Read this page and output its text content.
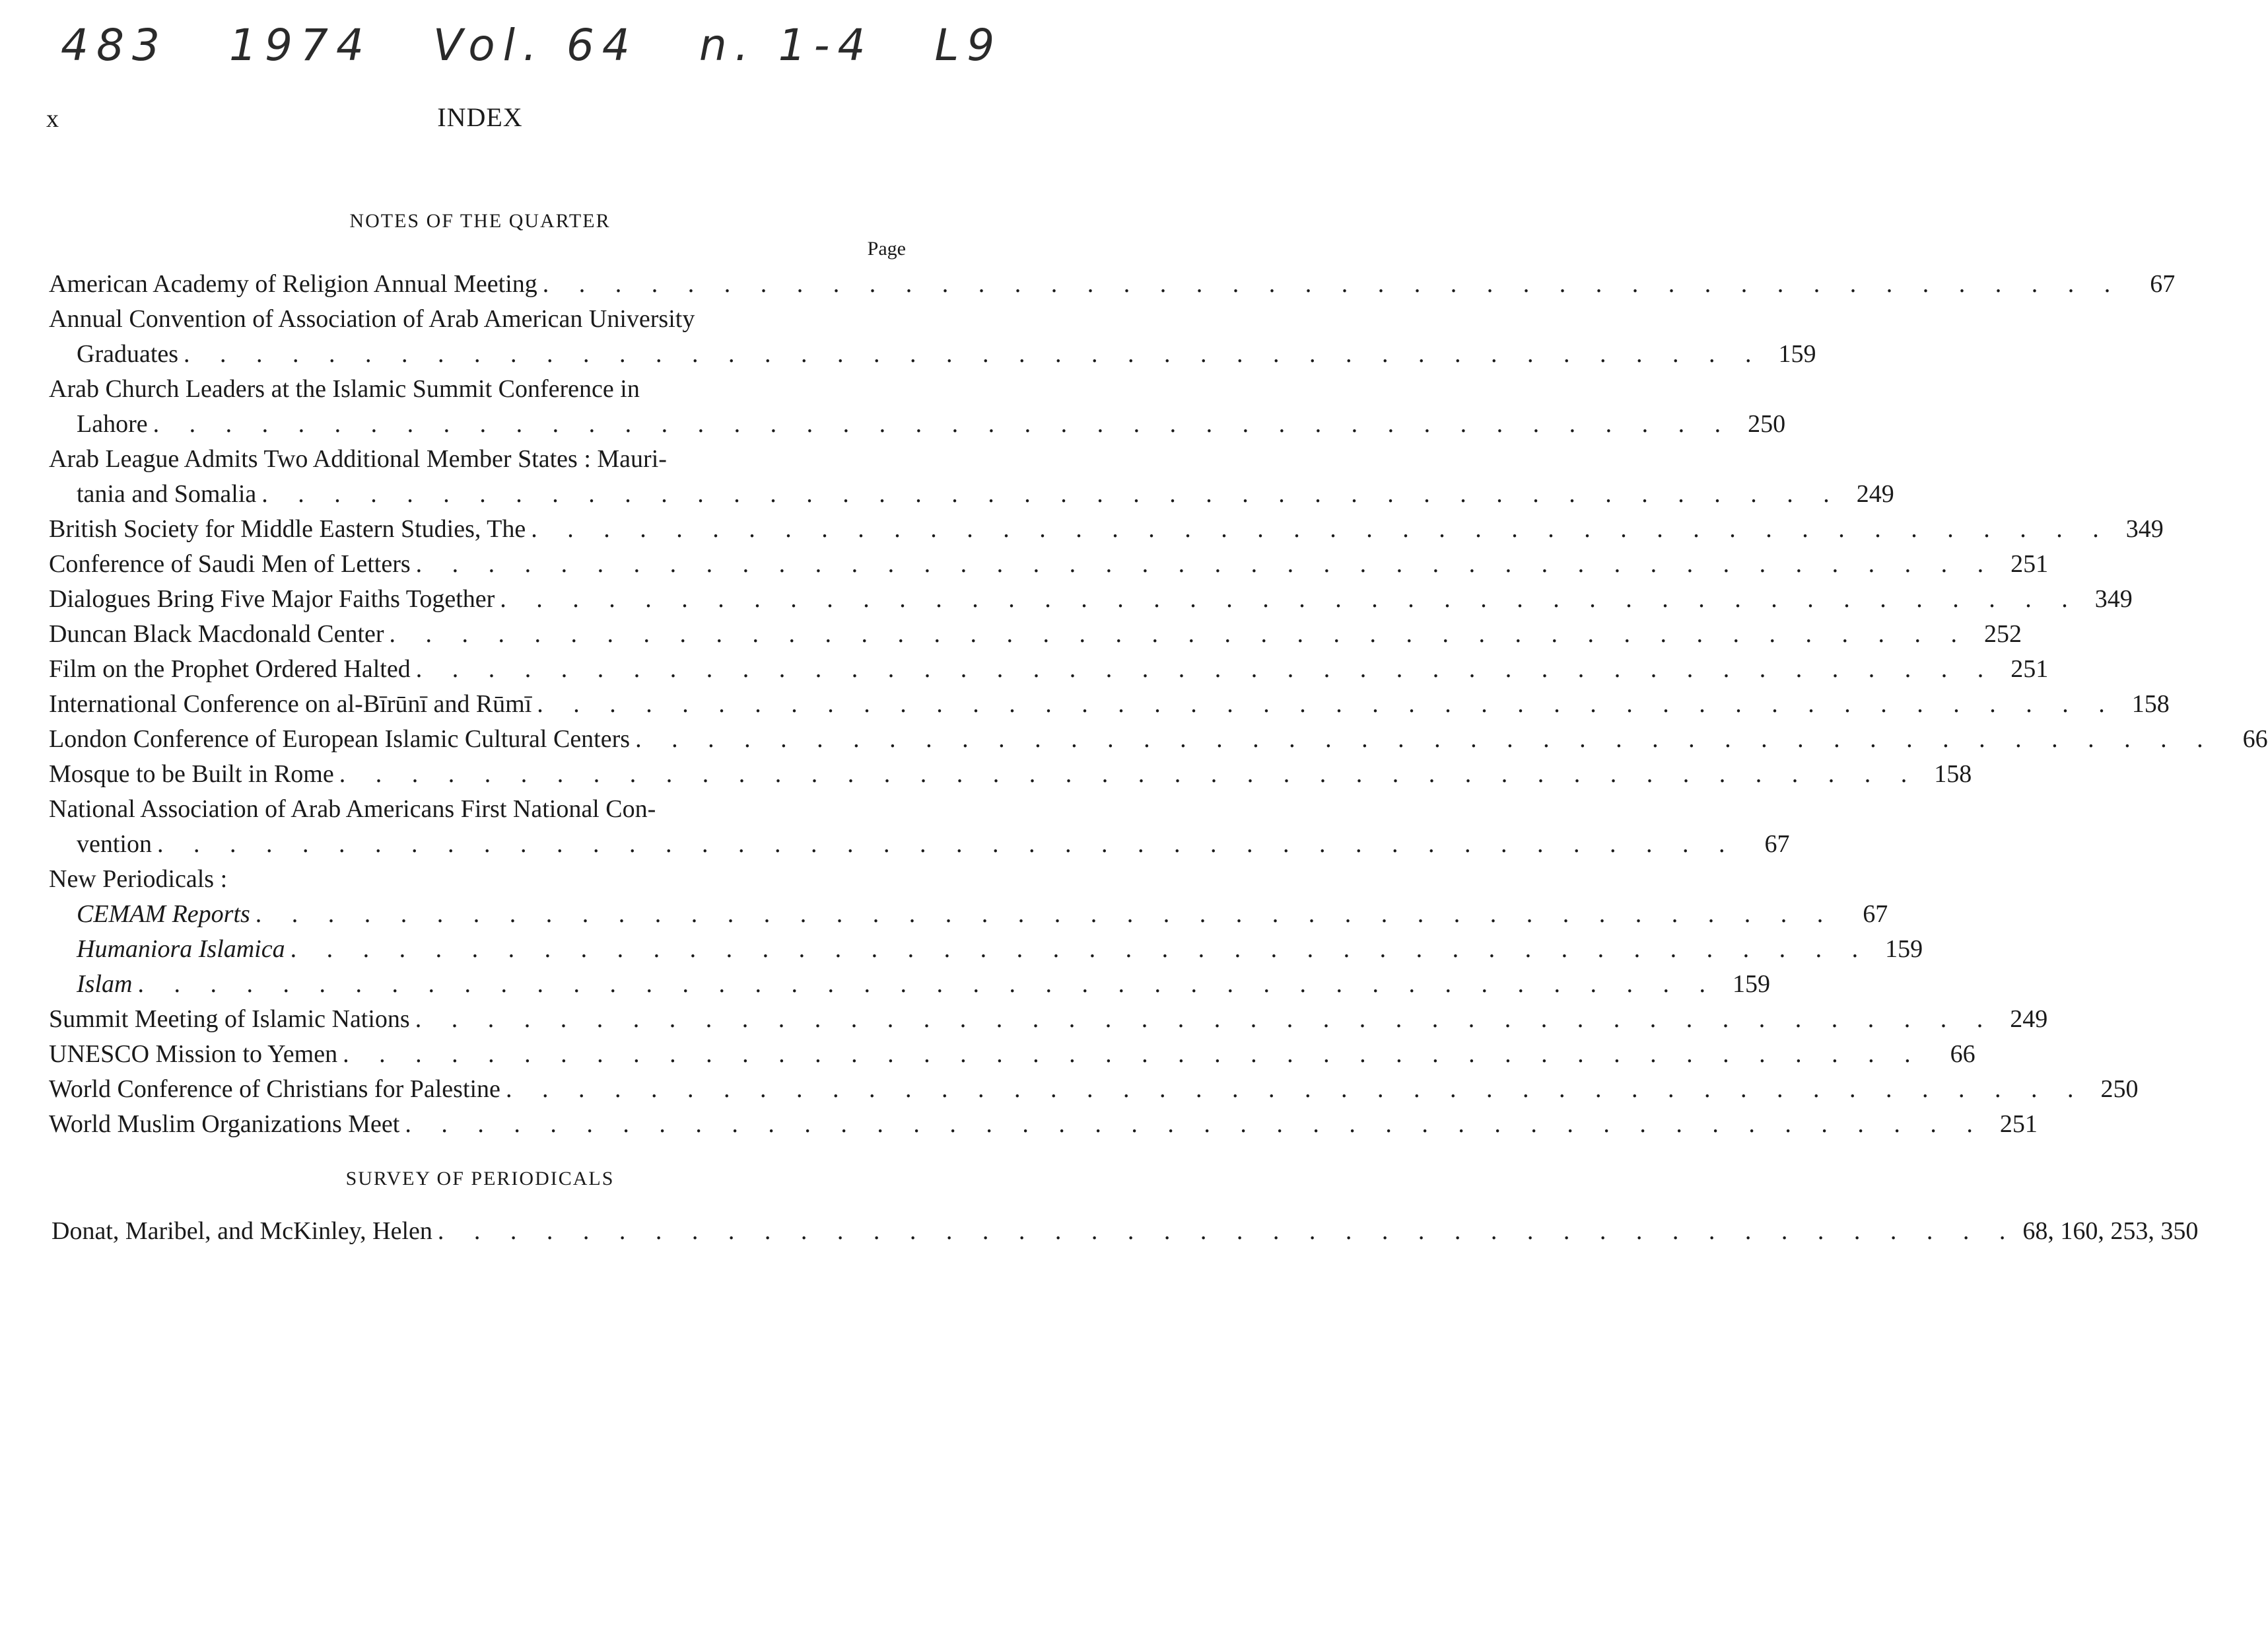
483 1974 Vol. 64 n. 1-4 L9
x	INDEX
NOTES OF THE QUARTER
Page
American Academy of Religion Annual Meeting . . .	67
Annual Convention of Association of Arab American University
Graduates . . .	159
Arab Church Leaders at the Islamic Summit Conference in
Lahore . . .	250
Arab League Admits Two Additional Member States : Mauri-
tania and Somalia . . .	249
British Society for Middle Eastern Studies, The . . .	349
Conference of Saudi Men of Letters . . .	251
Dialogues Bring Five Major Faiths Together . . .	349
Duncan Black Macdonald Center . . .	252
Film on the Prophet Ordered Halted . . .	251
International Conference on al-Bīrūnī and Rūmī . . .	158
London Conference of European Islamic Cultural Centers . . .	66
Mosque to be Built in Rome . . .	158
National Association of Arab Americans First National Con-
vention . . .	67
New Periodicals :
CEMAM Reports . . .	67
Humaniora Islamica . . .	159
Islam . . .	159
Summit Meeting of Islamic Nations . . .	249
UNESCO Mission to Yemen . . .	66
World Conference of Christians for Palestine . . .	250
World Muslim Organizations Meet . . .	251
SURVEY OF PERIODICALS
Donat, Maribel, and McKinley, Helen . . .	68, 160, 253, 350
